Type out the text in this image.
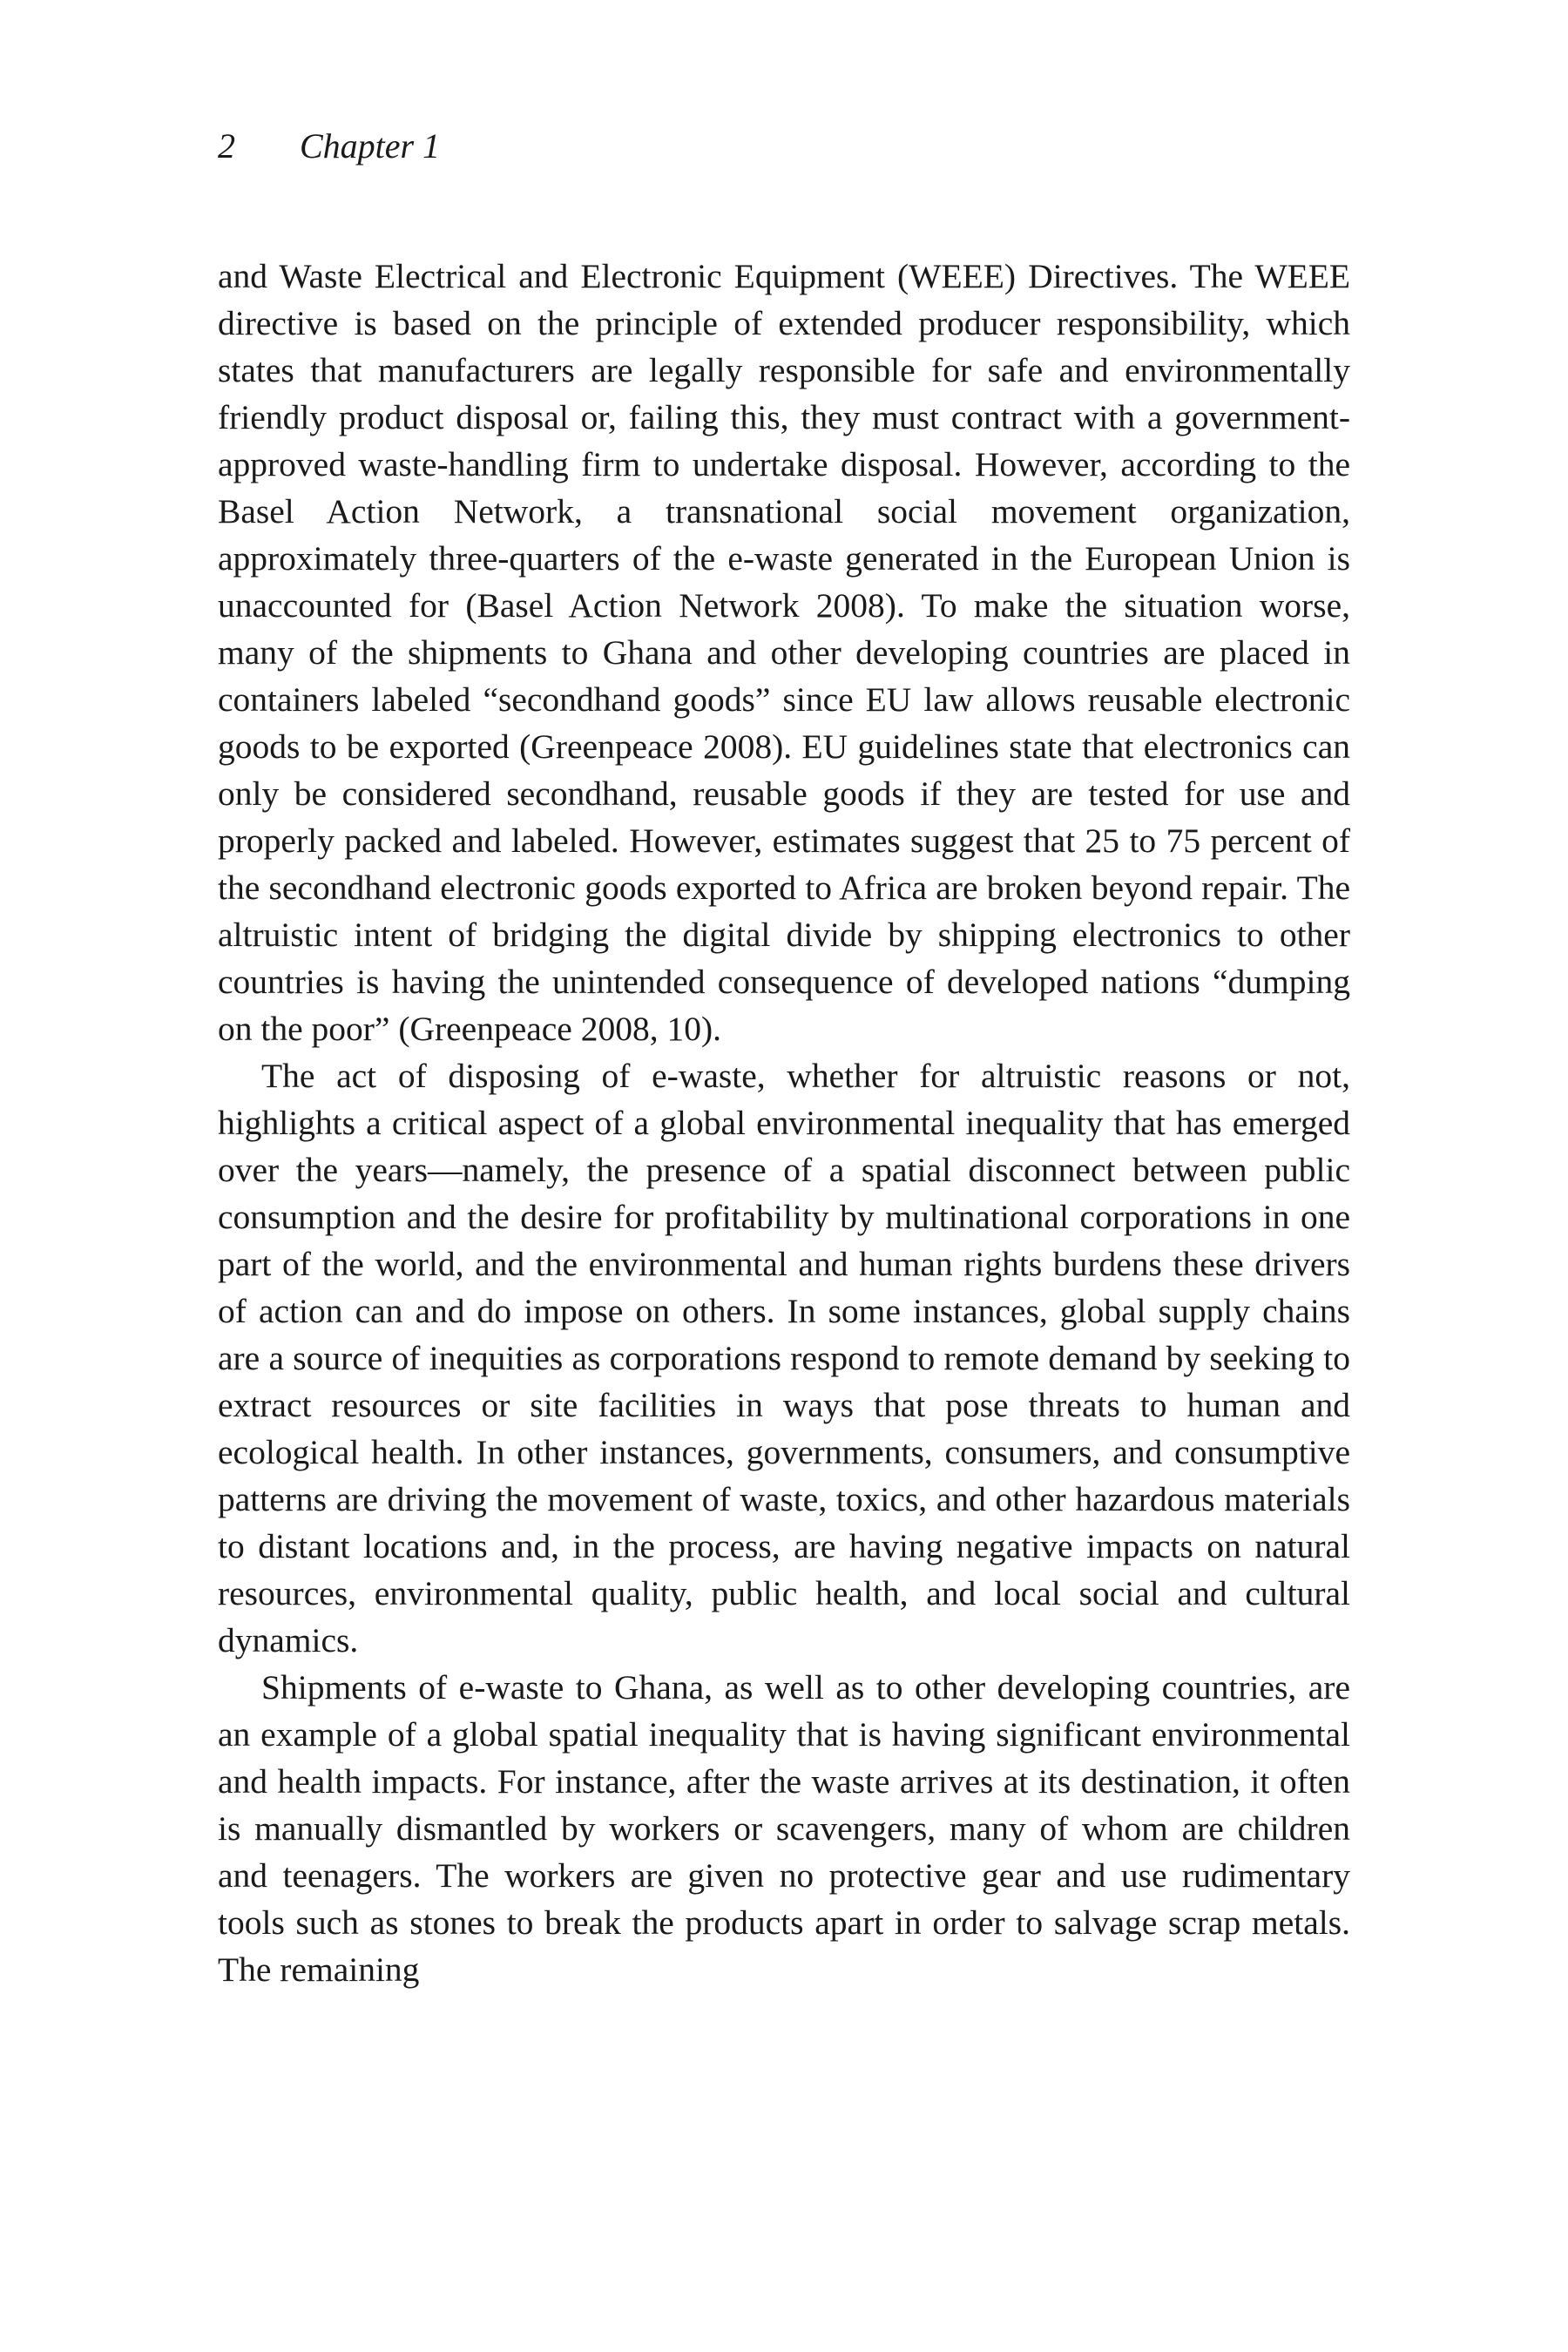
2 Chapter 1

and Waste Electrical and Electronic Equipment (WEEE) Directives. The WEEE directive is based on the principle of extended producer responsibility, which states that manufacturers are legally responsible for safe and environmentally friendly product disposal or, failing this, they must contract with a government-approved waste-handling firm to undertake disposal. However, according to the Basel Action Network, a transnational social movement organization, approximately three-quarters of the e-waste generated in the European Union is unaccounted for (Basel Action Network 2008). To make the situation worse, many of the shipments to Ghana and other developing countries are placed in containers labeled “secondhand goods” since EU law allows reusable electronic goods to be exported (Greenpeace 2008). EU guidelines state that electronics can only be considered secondhand, reusable goods if they are tested for use and properly packed and labeled. However, estimates suggest that 25 to 75 percent of the secondhand electronic goods exported to Africa are broken beyond repair. The altruistic intent of bridging the digital divide by shipping electronics to other countries is having the unintended consequence of developed nations “dumping on the poor” (Greenpeace 2008, 10).

The act of disposing of e-waste, whether for altruistic reasons or not, highlights a critical aspect of a global environmental inequality that has emerged over the years—namely, the presence of a spatial disconnect between public consumption and the desire for profitability by multinational corporations in one part of the world, and the environmental and human rights burdens these drivers of action can and do impose on others. In some instances, global supply chains are a source of inequities as corporations respond to remote demand by seeking to extract resources or site facilities in ways that pose threats to human and ecological health. In other instances, governments, consumers, and consumptive patterns are driving the movement of waste, toxics, and other hazardous materials to distant locations and, in the process, are having negative impacts on natural resources, environmental quality, public health, and local social and cultural dynamics.

Shipments of e-waste to Ghana, as well as to other developing countries, are an example of a global spatial inequality that is having significant environmental and health impacts. For instance, after the waste arrives at its destination, it often is manually dismantled by workers or scavengers, many of whom are children and teenagers. The workers are given no protective gear and use rudimentary tools such as stones to break the products apart in order to salvage scrap metals. The remaining
